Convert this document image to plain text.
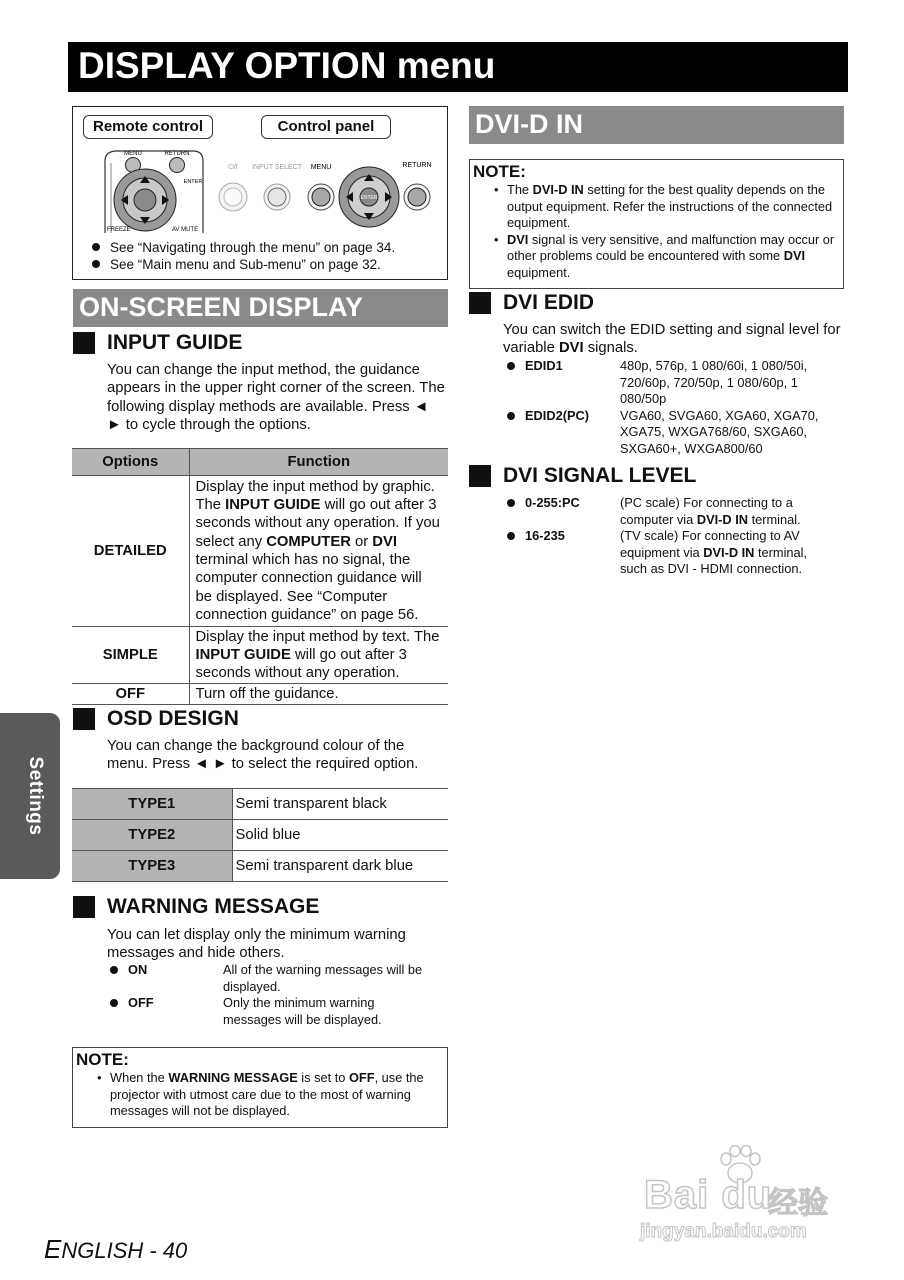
DISPLAY OPTION menu
Remote control	Control panel
MENU	RETURN
ENTER
FREEZE	AV MUTE
⏻/I INPUT SELECT MENU	RETURN
ENTER
See “Navigating through the menu” on page 34.
See “Main menu and Sub-menu” on page 32.
ON-SCREEN DISPLAY
INPUT GUIDE
You can change the input method, the guidance appears in the upper right corner of the screen. The following display methods are available. Press ◄ ► to cycle through the options.
Options	Function
DETAILED	Display the input method by graphic. The INPUT GUIDE will go out after 3 seconds without any operation. If you select any COMPUTER or DVI terminal which has no signal, the computer connection guidance will be displayed. See “Computer connection guidance” on page 56.
SIMPLE	Display the input method by text. The INPUT GUIDE will go out after 3 seconds without any operation.
OFF	Turn off the guidance.
OSD DESIGN
You can change the background colour of the menu. Press ◄ ► to select the required option.
TYPE1	Semi transparent black
TYPE2	Solid blue
TYPE3	Semi transparent dark blue
WARNING MESSAGE
You can let display only the minimum warning messages and hide others.
ON	All of the warning messages will be displayed.
OFF	Only the minimum warning messages will be displayed.
NOTE:
• When the WARNING MESSAGE is set to OFF, use the projector with utmost care due to the most of warning messages will not be displayed.
DVI-D IN
NOTE:
• The DVI-D IN setting for the best quality depends on the output equipment. Refer the instructions of the connected equipment.
• DVI signal is very sensitive, and malfunction may occur or other problems could be encountered with some DVI equipment.
DVI EDID
You can switch the EDID setting and signal level for variable DVI signals.
EDID1	480p, 576p, 1 080/60i, 1 080/50i, 720/60p, 720/50p, 1 080/60p, 1 080/50p
EDID2(PC)	VGA60, SVGA60, XGA60, XGA70, XGA75, WXGA768/60, SXGA60, SXGA60+, WXGA800/60
DVI SIGNAL LEVEL
0-255:PC	(PC scale) For connecting to a computer via DVI-D IN terminal.
16-235	(TV scale) For connecting to AV equipment via DVI-D IN terminal, such as DVI - HDMI connection.
Settings
ENGLISH - 40
Bai du
经验
jingyan.baidu.com
